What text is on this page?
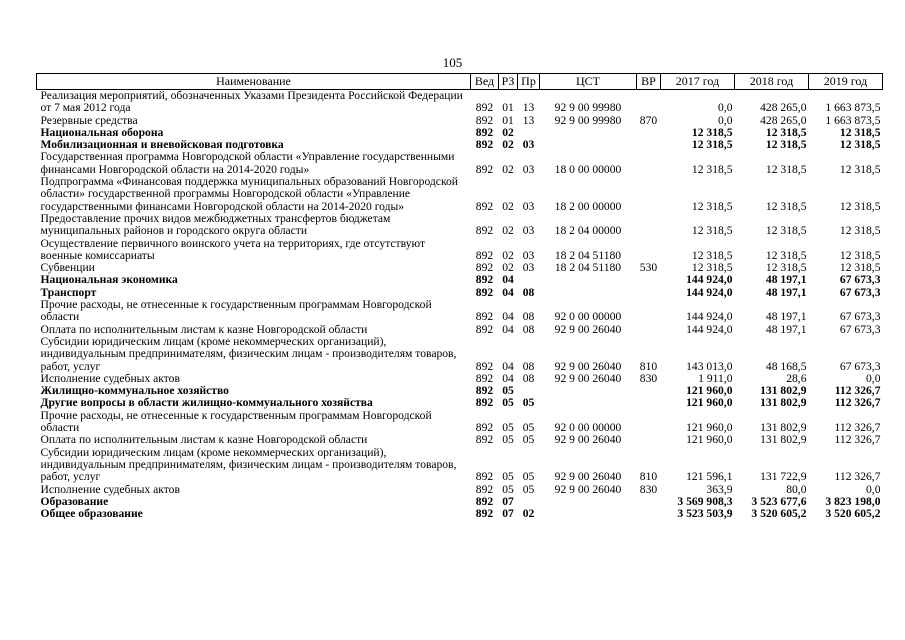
105
Наименование	Вед	РЗ	Пр	ЦСТ	ВР	2017 год	2018 год	2019 год
Реализация мероприятий, обозначенных Указами Президента Российской Федерации от 7 мая 2012 года	892	01	13	92 9 00 99980		0,0	428 265,0	1 663 873,5
Резервные средства	892	01	13	92 9 00 99980	870	0,0	428 265,0	1 663 873,5
Национальная оборона	892	02				12 318,5	12 318,5	12 318,5
Мобилизационная и вневойсковая подготовка	892	02	03			12 318,5	12 318,5	12 318,5
Государственная программа Новгородской области «Управление государственными финансами Новгородской области на 2014-2020 годы»	892	02	03	18 0 00 00000		12 318,5	12 318,5	12 318,5
Подпрограмма «Финансовая поддержка муниципальных образований Новгородской области» государственной программы Новгородской области «Управление государственными финансами Новгородской области на 2014-2020 годы»	892	02	03	18 2 00 00000		12 318,5	12 318,5	12 318,5
Предоставление прочих видов межбюджетных трансфертов бюджетам муниципальных районов и городского округа области	892	02	03	18 2 04 00000		12 318,5	12 318,5	12 318,5
Осуществление первичного воинского учета на территориях, где отсутствуют военные комиссариаты	892	02	03	18 2 04 51180		12 318,5	12 318,5	12 318,5
Субвенции	892	02	03	18 2 04 51180	530	12 318,5	12 318,5	12 318,5
Национальная экономика	892	04				144 924,0	48 197,1	67 673,3
Транспорт	892	04	08			144 924,0	48 197,1	67 673,3
Прочие расходы, не отнесенные к государственным программам Новгородской области	892	04	08	92 0 00 00000		144 924,0	48 197,1	67 673,3
Оплата по исполнительным листам к казне Новгородской области	892	04	08	92 9 00 26040		144 924,0	48 197,1	67 673,3
Субсидии юридическим лицам (кроме некоммерческих организаций), индивидуальным предпринимателям, физическим лицам - производителям товаров, работ, услуг	892	04	08	92 9 00 26040	810	143 013,0	48 168,5	67 673,3
Исполнение судебных актов	892	04	08	92 9 00 26040	830	1 911,0	28,6	0,0
Жилищно-коммунальное хозяйство	892	05				121 960,0	131 802,9	112 326,7
Другие вопросы в области жилищно-коммунального хозяйства	892	05	05			121 960,0	131 802,9	112 326,7
Прочие расходы, не отнесенные к государственным программам Новгородской области	892	05	05	92 0 00 00000		121 960,0	131 802,9	112 326,7
Оплата по исполнительным листам к казне Новгородской области	892	05	05	92 9 00 26040		121 960,0	131 802,9	112 326,7
Субсидии юридическим лицам (кроме некоммерческих организаций), индивидуальным предпринимателям, физическим лицам - производителям товаров, работ, услуг	892	05	05	92 9 00 26040	810	121 596,1	131 722,9	112 326,7
Исполнение судебных актов	892	05	05	92 9 00 26040	830	363,9	80,0	0,0
Образование	892	07				3 569 908,3	3 523 677,6	3 823 198,0
Общее образование	892	07	02			3 523 503,9	3 520 605,2	3 520 605,2
